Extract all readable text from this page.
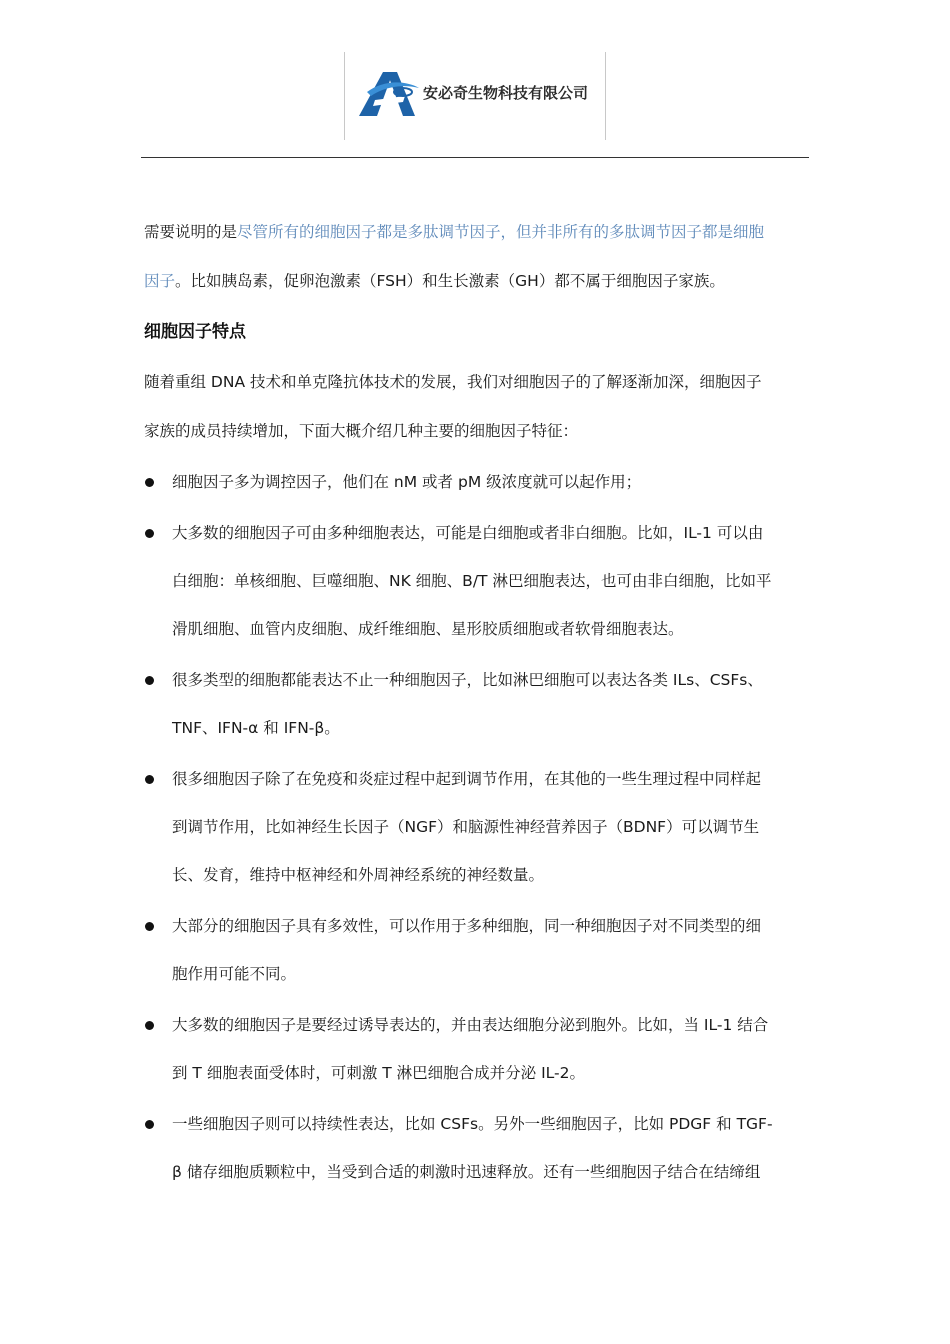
安必奇生物科技有限公司

需要说明的是尽管所有的细胞因子都是多肽调节因子，但并非所有的多肽调节因子都是细胞
因子。比如胰岛素，促卵泡激素（FSH）和生长激素（GH）都不属于细胞因子家族。

细胞因子特点

随着重组 DNA 技术和单克隆抗体技术的发展，我们对细胞因子的了解逐渐加深，细胞因子
家族的成员持续增加，下面大概介绍几种主要的细胞因子特征：

细胞因子多为调控因子，他们在 nM 或者 pM 级浓度就可以起作用；
大多数的细胞因子可由多种细胞表达，可能是白细胞或者非白细胞。比如，IL-1 可以由
白细胞：单核细胞、巨噬细胞、NK 细胞、B/T 淋巴细胞表达，也可由非白细胞，比如平
滑肌细胞、血管内皮细胞、成纤维细胞、星形胶质细胞或者软骨细胞表达。
很多类型的细胞都能表达不止一种细胞因子，比如淋巴细胞可以表达各类 ILs、CSFs、
TNF、IFN-α 和 IFN-β。
很多细胞因子除了在免疫和炎症过程中起到调节作用，在其他的一些生理过程中同样起
到调节作用，比如神经生长因子（NGF）和脑源性神经营养因子（BDNF）可以调节生
长、发育，维持中枢神经和外周神经系统的神经数量。
大部分的细胞因子具有多效性，可以作用于多种细胞，同一种细胞因子对不同类型的细
胞作用可能不同。
大多数的细胞因子是要经过诱导表达的，并由表达细胞分泌到胞外。比如，当 IL-1 结合
到 T 细胞表面受体时，可刺激 T 淋巴细胞合成并分泌 IL-2。
一些细胞因子则可以持续性表达，比如 CSFs。另外一些细胞因子，比如 PDGF 和 TGF-
β 储存细胞质颗粒中，当受到合适的刺激时迅速释放。还有一些细胞因子结合在结缔组
